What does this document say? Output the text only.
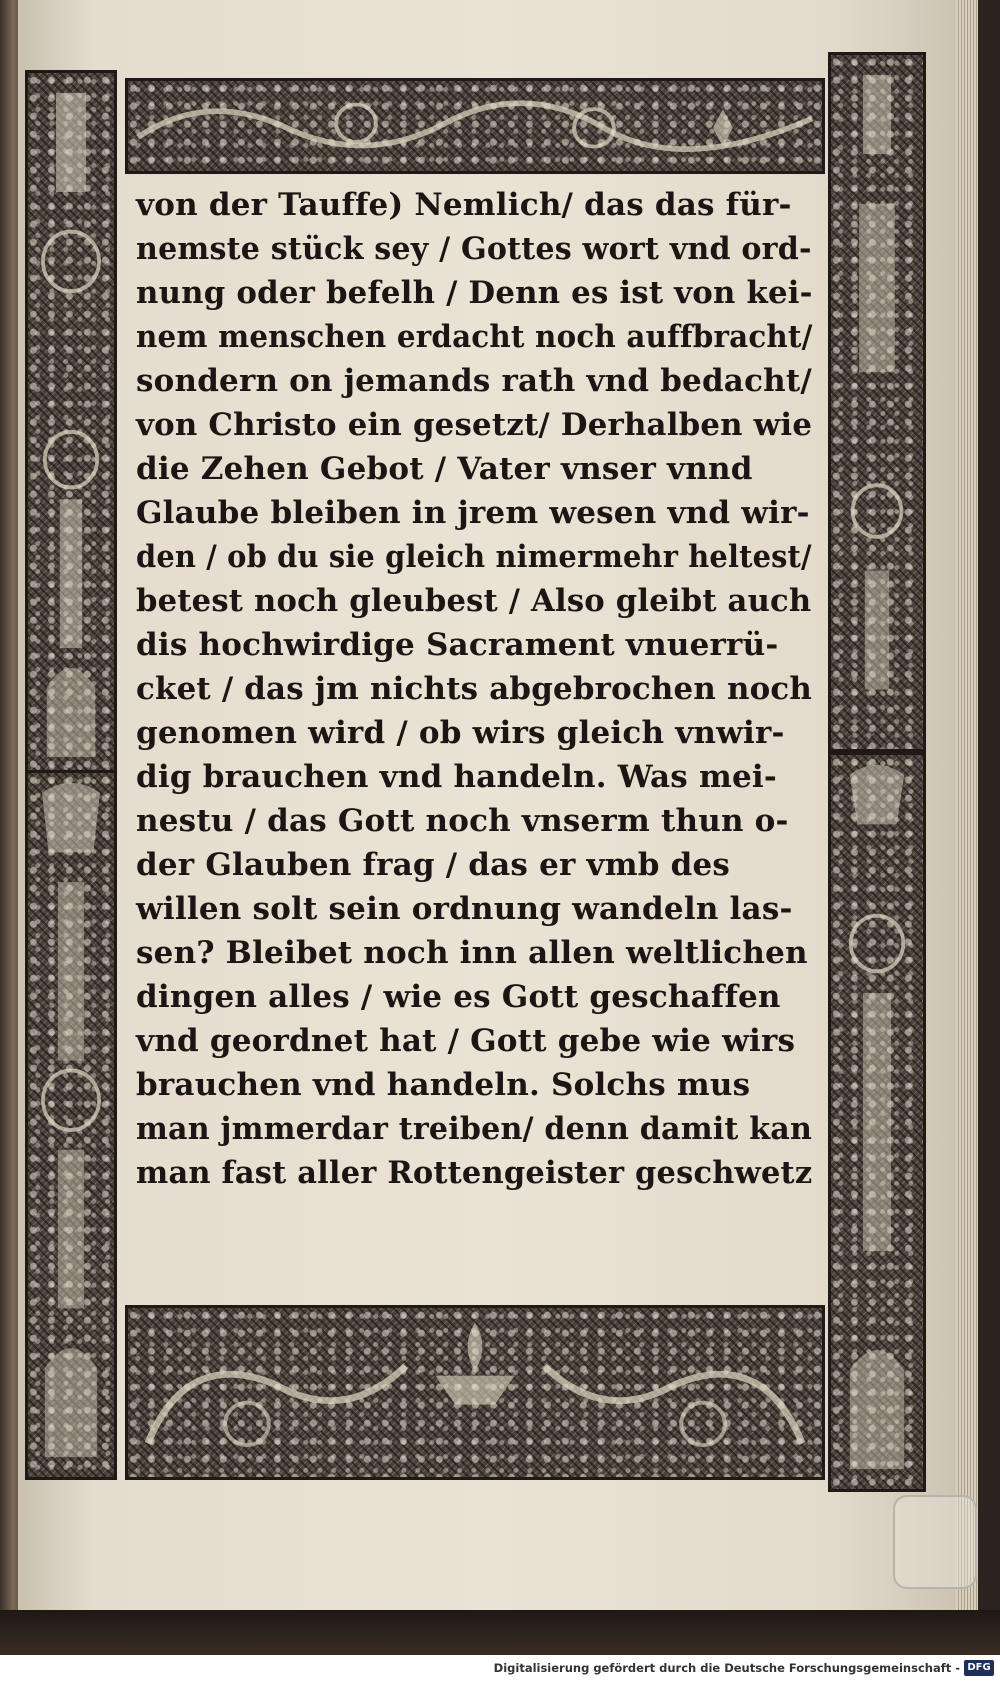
von der Tauffe) Nemlich/ das das für-
nemste stück sey / Gottes wort vnd ord-
nung oder befelh / Denn es ist von kei-
nem menschen erdacht noch auffbracht/
sondern on jemands rath vnd bedacht/
von Christo ein gesetzt/ Derhalben wie
die Zehen Gebot / Vater vnser vnnd
Glaube bleiben in jrem wesen vnd wir-
den / ob du sie gleich nimermehr heltest/
betest noch gleubest / Also gleibt auch
dis hochwirdige Sacrament vnuerrü-
cket / das jm nichts abgebrochen noch
genomen wird / ob wirs gleich vnwir-
dig brauchen vnd handeln. Was mei-
nestu / das Gott noch vnserm thun o-
der Glauben frag / das er vmb des
willen solt sein ordnung wandeln las-
sen? Bleibet noch inn allen weltlichen
dingen alles / wie es Gott geschaffen
vnd geordnet hat / Gott gebe wie wirs
brauchen vnd handeln. Solchs mus
man jmmerdar treiben/ denn damit kan
man fast aller Rottengeister geschwetz
Digitalisierung gefördert durch die Deutsche Forschungsgemeinschaft - DFG
